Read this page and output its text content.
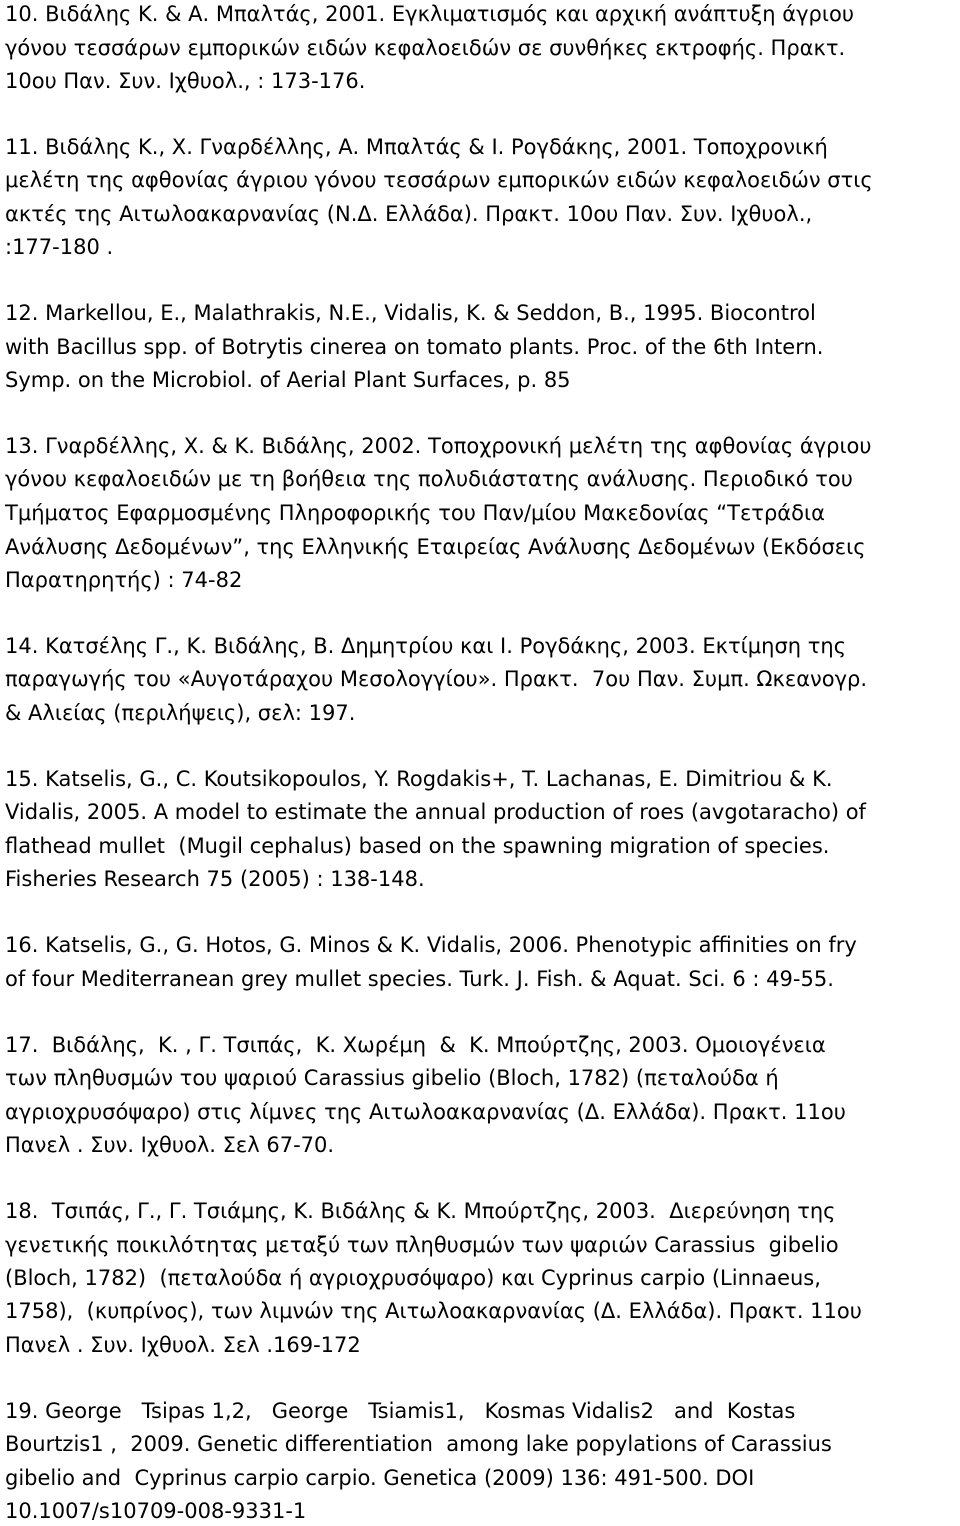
10. Βιδάλης Κ. & Α. Μπαλτάς, 2001. Εγκλιματισμός και αρχική ανάπτυξη άγριου
γόνου τεσσάρων εμπορικών ειδών κεφαλοειδών σε συνθήκες εκτροφής. Πρακτ.
10ου Παν. Συν. Ιχθυολ., : 173-176.
11. Βιδάλης Κ., Χ. Γναρδέλλης, Α. Μπαλτάς & Ι. Ρογδάκης, 2001. Τοποχρονική
μελέτη της αφθονίας άγριου γόνου τεσσάρων εμπορικών ειδών κεφαλοειδών στις
ακτές της Αιτωλοακαρνανίας (Ν.Δ. Ελλάδα). Πρακτ. 10ου Παν. Συν. Ιχθυολ.,
:177-180 .
12. Markellou, E., Malathrakis, N.E., Vidalis, K. & Seddon, B., 1995. Biocontrol
with Bacillus spp. of Botrytis cinerea on tomato plants. Proc. of the 6th Intern.
Symp. on the Microbiol. of Aerial Plant Surfaces, p. 85
13. Γναρδέλλης, Χ. & Κ. Βιδάλης, 2002. Τοποχρονική μελέτη της αφθονίας άγριου
γόνου κεφαλοειδών με τη βοήθεια της πολυδιάστατης ανάλυσης. Περιοδικό του
Τμήματος Εφαρμοσμένης Πληροφορικής του Παν/μίου Μακεδονίας “Τετράδια
Ανάλυσης Δεδομένων”, της Ελληνικής Εταιρείας Ανάλυσης Δεδομένων (Εκδόσεις
Παρατηρητής) : 74-82
14. Κατσέλης Γ., Κ. Βιδάλης, Β. Δημητρίου και Ι. Ρογδάκης, 2003. Εκτίμηση της
παραγωγής του «Αυγοτάραχου Μεσολογγίου». Πρακτ.  7ου Παν. Συμπ. Ωκεανογρ.
& Αλιείας (περιλήψεις), σελ: 197.
15. Katselis, G., C. Koutsikopoulos, Y. Rogdakis+, T. Lachanas, E. Dimitriou & K.
Vidalis, 2005. A model to estimate the annual production of roes (avgotaracho) of
flathead mullet  (Mugil cephalus) based on the spawning migration of species.
Fisheries Research 75 (2005) : 138-148.
16. Katselis, G., G. Hotos, G. Minos & K. Vidalis, 2006. Phenotypic affinities on fry
of four Mediterranean grey mullet species. Turk. J. Fish. & Aquat. Sci. 6 : 49-55.
17.  Βιδάλης,  Κ. , Γ. Τσιπάς,  Κ. Χωρέμη  &  Κ. Μπούρτζης, 2003. Ομοιογένεια
των πληθυσμών του ψαριού Carassius gibelio (Bloch, 1782) (πεταλούδα ή
αγριοχρυσόψαρο) στις λίμνες της Αιτωλοακαρνανίας (Δ. Ελλάδα). Πρακτ. 11ου
Πανελ . Συν. Ιχθυολ. Σελ 67-70.
18.  Τσιπάς, Γ., Γ. Τσιάμης, Κ. Βιδάλης & Κ. Μπούρτζης, 2003.  Διερεύνηση της
γενετικής ποικιλότητας μεταξύ των πληθυσμών των ψαριών Carassius  gibelio
(Bloch, 1782)  (πεταλούδα ή αγριοχρυσόψαρο) και Cyprinus carpio (Linnaeus,
1758),  (κυπρίνος), των λιμνών της Αιτωλοακαρνανίας (Δ. Ελλάδα). Πρακτ. 11ου
Πανελ . Συν. Ιχθυολ. Σελ .169-172
19. George   Tsipas 1,2,   George   Tsiamis1,   Kosmas Vidalis2   and  Kostas
Bourtzis1 ,  2009. Genetic differentiation  among lake popylations of Carassius
gibelio and  Cyprinus carpio carpio. Genetica (2009) 136: 491-500. DOI
10.1007/s10709-008-9331-1
